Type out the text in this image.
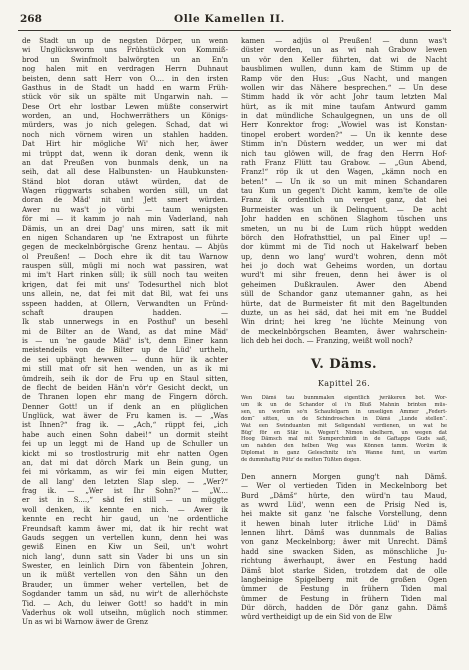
268	Olle Kamellen II.
de Stadt un up de negsten Dörper, un wenn
wi Unglücksworm uns Frühstück von Kommiß-
brod un Swinfmolt balwörgten un an En'n
nog halen mit en verdragen Herrn Duhnaut
beisten, denn satt Herr von O.... in den irsten
Gasthus in de Stadt un hadd en warm Früh-
stück vör sik un spälte mit Ungarwin nah. —
Dese Ort ehr lostbar Lewen müßte conserwirt
worden, an und, Hochwerräthers un Königs-
mürders, was jo nich gelegen. Schad, dat wi
noch nich vörnem wiren un stahlen hadden.
Dat Hirt hir mögliche Wi' nich her, äwer
mi trüppt dat, wenn ik doran denk, wenn ik
an dat Preußen von bunmals denk, un na
seih, dat all dese Halbunsten- un Haubkunsten-
Ständ blot doran utäwt würden, dat de
Wagen rüggwarts schaben worden süll, un dat
doran de Mäd' nit un! Jett smert würden.
Awer nu was't jo vörbi — taum wenigsten
för mi — it kamm jo nah min Vaderland, nah
Dämis, un an drei Dag' uns miren, satt ik mit
en nigen Schandaren up 'ne Extrapost un führte
gegen de meckelnbörgische Grenz hentau. — Abjüs
ol Preußen! — Doch ehre ik dit tau Warnow
rauspen süll, mügli mi noch wat passiren, wat
mi im't Hart rinken süll; ik süll noch tau weiten
krigen, dat fei mit uns' Todesurthel nich blot
uns allein, ne, dat fei mit dat Bil, wat fei uns
sspeen hadden, at Ollern, Verwandten un Fründ-
schaft draupen hadden. —
Ik stab unnerwegs in en Posthuf' un besehl
mi de Bilter an de Wand, as dat mine Mäd'
is — un 'ne gaude Mäd' is't, denn Einer kann
meistendeils von de Bilter up de Lüd' urtheln,
de sei upbängt hewwen — dunn hür ik achter
mi still mat ofr sit hen wenden, un as ik mi
ümdreih, seih ik dor de Fru up en Staul sitten,
de flecht de beiden Hän'n vör'r Gesicht deckt, un
de Thranen lopen ehr mang de Fingern dörch.
Denner Gott! un if denk an en plüglichen
Unglück, wat äwer de Fru kamen is. — „Was
ist Ihnen?“ frag ik. — „Ach,“ rüppt fei, „ich
habe auch einen Sohn dabei!“ un dormit steiht
fei up un leggt mi de Hand up de Schuller un
kickt mi so trostlostrurig mit ehr natten Ogen
an, dat mi dat dörch Mark un Bein gung, un
fei mi vörkamm, as wir fei min eigen Mutter,
de all lang' den letzten Slap slep. — „Wer?“
frag ik. — „Wer ist Ihr Sohn?“ — „W....
er ist in S....,“ säd fei still — un müggte
woll denken, ik kennte en nich. — Awer ik
kennte en recht hir gaud, un 'ne ordentliche
Freundsaft kamm äwer mi, dat ik hir recht wat
Gauds seggen un vertellen kunn, denn hei was
gewiß Einen en Kiw un Seil, un't wohrt
nich lang', dunn satt sin Vader bi uns un sin
Swester, en leinlich Dirn von fäbentein Johren,
un ik müßt vertellen von den Sähn un den
Brauder, un ümmer weher vertellen, bet de
Sogdander tamm un säd, nu wir't de allerhöchste
Tid. — Ach, du leiwer Gott! so hadd't in min
Vaderhus ok woll utseihn, müglich noch stimmer.
Un as wi bi Warnow äwer de Grenz
kamen — adjüs ol Preußen! — dunn was't
düster worden, un as wi nah Grabow lewen
un vör den Keller führten, dat wi de Nacht
bausblimen wullen, dunn kam de Stimm up de
Ramp vör den Hus: „Gus Nacht, und mangen
wollen wir das Nähere besprechen.“ — Un dese
Stimm hadd ik vör acht Johr taum letzten Mal
hürt, as ik mit mine taufam Antwurd gamm
in dat mündliche Schaulgegnen, un uns de oll
Herr Konrektor frog: „Wowiel was ist Konstan-
tinopel erobert worden?“ — Un ik kennte dese
Stimm in'n Düstern wedder, un wer mi dat
nich tau glöwen will, de frag den Herrn Hof-
rath Franz Flütt tau Grabow. — „Gun Abend,
Franz!“ röp ik ut den Wagen, „kämn noch en
beten!“ — Un ik so un mit minen Schandaren
tau Kum un gegen't Dicht kamm, kem'te de olle
Franz ik ordentlich un verget ganz, dat hei
Burmeister was un ik Delinquent. — De acht
Johr hadden en schönen Slaghom tüschen uns
smeten, un nu bi de Lum rüch hüppt wedden
börch den Hofrathsttiel, un pal Einer up! —
dor kümmt mi de Tid noch ut Hakelwarf beben
up, denn wo lang' wurd't wohren, denn möt
hei jo doch wat Geheims worden, un dortau
wurd't mi sihr freuen, denn hei äwer is ol
geheimen Dußkraulen. Awer den Abend
süll de Schandor ganz utemanner gahn, as hei
hürte, dat de Burmeister fit mit den Bageltunden
duzte, un as hei säd, dat hei mit em 'ne Buddel
Win drint; hei kreg 'ne lüchte Meinung von
de meckelnbörgschen Beamten, äwer wahrschein-
lich deb hei doch. — Franzing, weißt woll noch?
V. Däms.
Kapittel 26.
Wen Dämš tau bunmmalen eigentlich jwräkeren bot. Wor-
um ik un de Schandor ol i'n Bluß Mahnin brinten müs-
sen, un worüm so'n Schaufelgarn in unseligen Ammer „Federt-
dom“ sitten, un de Schindroschen in Dämš „Lunde stellen“.
Wat een Swinduanten mit Seligendahl verdienen, un wat he
Büg' för en Stär is. Wegen't Nimon ubelhern, un wegen dat
Hoog Dämsch mal mit Sumperchmidi in de Gaftappe Guds saß,
um nahden den helben Weg was Können tamm. Worüm ik
Diplomat in ganz Geleschnitz in'n Wanne fumt, un warüm
de dummhaftig Pütz' de melten Tüßten dogen.
Den annern Morgen gung't nah Dämš.
— Wer ol vertieden Tiden in Meckelnborg bet
Burd „Dämš“ hürte, den würd'n tau Maud,
as wwrd Lüd', wenn een de Prisig Ned is,
hei makte sit ganz 'ne falsche Vorstellung, denn
it hewen binah luter itrliche Lüd' in Dämš
lennen lihrt. Dämš was dunnmals de Balias
von ganz Meckelnborg; äwer mit Unrecht. Dämš
hadd sine swacken Siden, as mönschliche Ju-
richtung äwerhaupt, äwer en Festung hadd
Dämš blot starke Siden, trotzdem dat de olle
langbeinige Spigelberg mit de großen Ogen
ümmer de Festung in frühern Tiden mal
ümmer de Festung in frühern Tiden mal
Dür dörch, hadden de Dör ganz gahn. Dämš
würd vertheidigt up de ein Sid von de Elw
